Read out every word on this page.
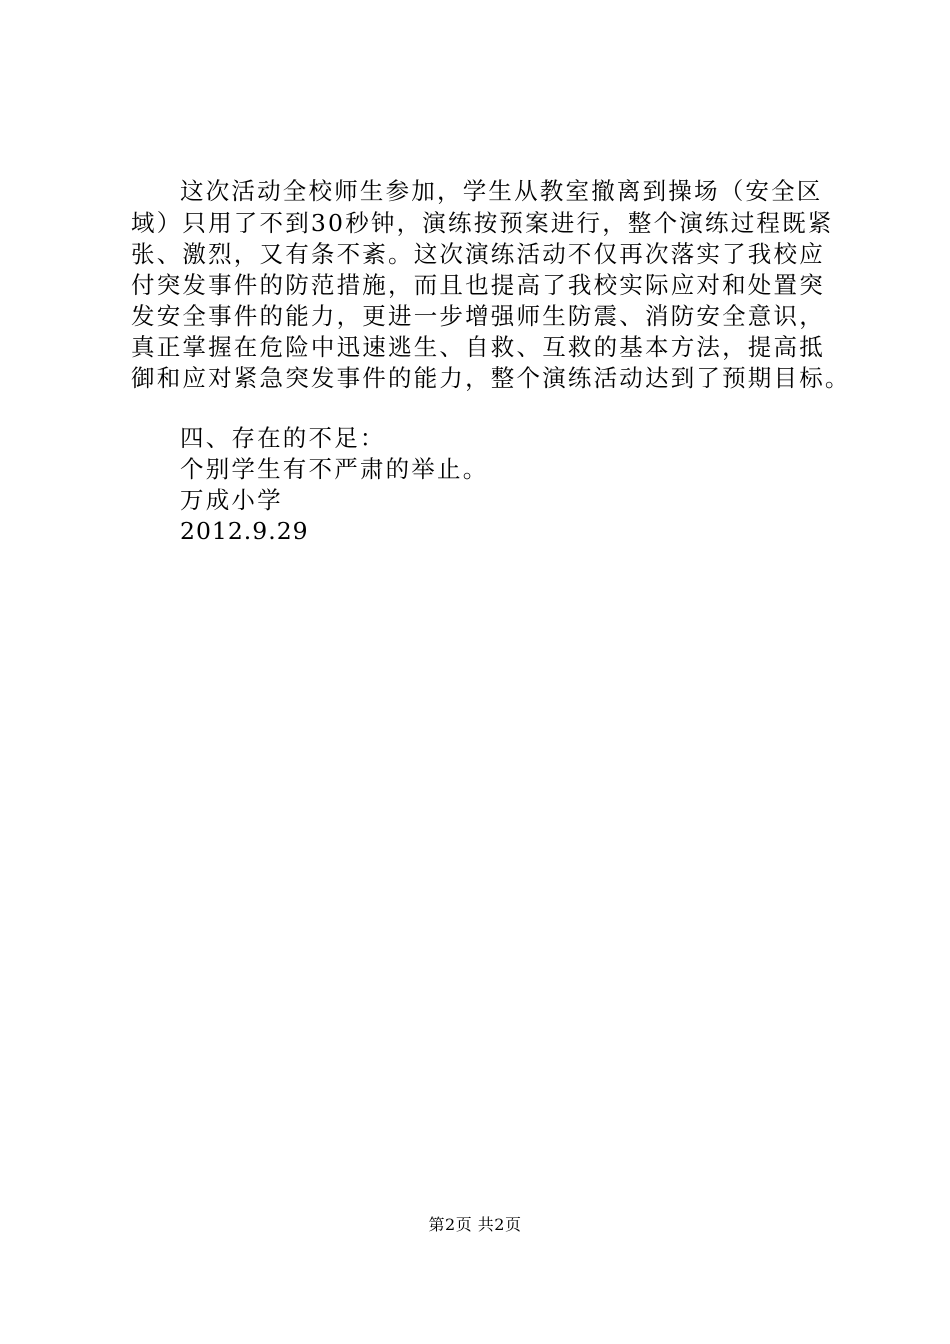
这次活动全校师生参加，学生从教室撤离到操场（安全区
域）只用了不到30秒钟，演练按预案进行，整个演练过程既紧
张、激烈，又有条不紊。这次演练活动不仅再次落实了我校应
付突发事件的防范措施，而且也提高了我校实际应对和处置突
发安全事件的能力，更进一步增强师生防震、消防安全意识，
真正掌握在危险中迅速逃生、自救、互救的基本方法，提高抵
御和应对紧急突发事件的能力，整个演练活动达到了预期目标。
四、存在的不足：
个别学生有不严肃的举止。
万成小学
2012.9.29
第2页 共2页
